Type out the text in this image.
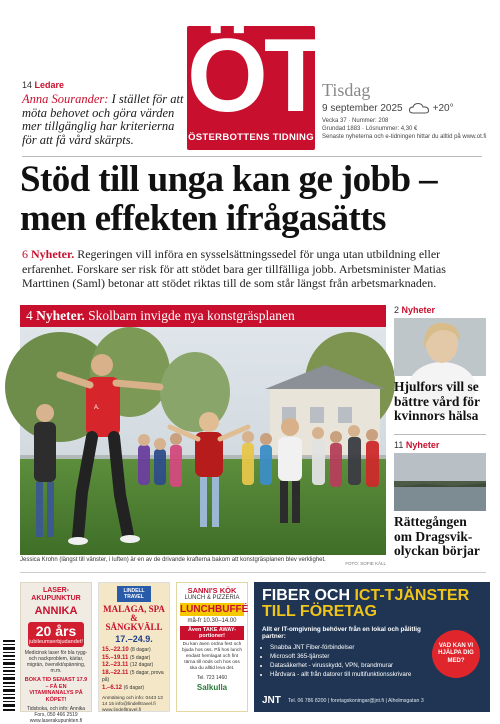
14 Ledare
Anna Sourander: I stället för att möta behovet och göra värden mer tillgänglig har kriterierna för att få vård skärpts.
ÖT
ÖSTERBOTTENS TIDNING
Tisdag
9 september 2025	+20°
Vecka 37 · Nummer: 208
Grundad 1883 · Lösnummer: 4,30 €
Senaste nyheterna och e-tidningen hittar du alltid på www.ot.fi
Stöd till unga kan ge jobb – men effekten ifrågasätts

6 Nyheter. Regeringen vill införa en sysselsättningssedel för unga utan utbildning eller erfarenhet. Forskare ser risk för att stödet bara ger tillfälliga jobb. Arbetsminister Matias Marttinen (Saml) betonar att stödet riktas till de som står längst från arbetsmarknaden.

4 Nyheter. Skolbarn invigde nya konstgräsplanen
A.
Jessica Krohn (längst till vänster, i luften) är en av de drivande krafterna bakom att konstgräsplanen blev verklighet.
FOTO: SOFIE KÄLL
2 Nyheter
Hjulfors vill se bättre vård för kvinnors hälsa
11 Nyheter
Rättegången om Dragsvik-olyckan börjar
LASER-AKUPUNKTUR
ANNIKA
20 års
jubileumserbjudandet!
Medicinsk laser för bla rygg- och nackproblem, kärlar, migrän, övervikt/spänning, m.m.
BOKA TID SENAST 17.9 – FÅ EN VITAMINANALYS PÅ KÖPET!
Tidsboka, och info: Annika Fors, 050 466 2519 www.laserakupunkten.fi
LINDELL TRAVEL
MALAGA, SPA & SÅNGKVÄLL
17.–24.9.
15.–22.10 (8 dagar)
15.–19.11 (5 dagar)
12.–23.11 (12 dagar)
18.–22.11 (5 dagar, prova på)
1.–6.12 (6 dagar)
Anmälning och info: 0443 13 14 15 info@lindelltravel.fi www.lindelltravel.fi
SANNI'S KÖK
LUNCH & PIZZERIA
LUNCHBUFFÉ
må-fr 10.30–14.00
Även TAKE AWAY-portioner!
Du kan även ordna fest och bjuda hos oss. På hos lunch endast hemlagat och fint tärna till nöds och hos oss ska du alltid leva det.
Tel. 723 1460
Salkulla
FIBER OCH ICT-TJÄNSTER
TILL FÖRETAG
Allt er IT-omgivning behöver från en lokal och pålitlig partner:
• Snabba JNT Fiber-förbindelser
• Microsoft 365-tjänster
• Datasäkerhet - virusskydd, VPN, brandmurar
• Hårdvara - allt från datorer till multifunktionsskrivare
VAD KAN VI HJÄLPA DIG MED?
JNT Tel. 06 786 8200 | foretagskoningar@jnt.fi | Alholmsgatan 3
